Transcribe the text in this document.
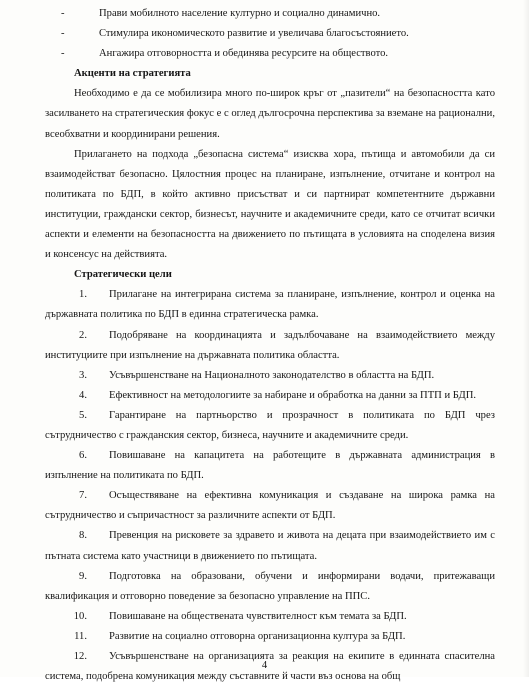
-	Прави мобилното население културно и социално динамично.
-	Стимулира икономическото развитие и увеличава благосъстоянието.
-	Ангажира отговорността и обединява ресурсите на обществото.
Акценти на стратегията
Необходимо е да се мобилизира много по-широк кръг от „пазители“ на безопасността като засилването на стратегическия фокус е с оглед дългосрочна перспектива за вземане на рационални, всеобхватни и координирани решения.
Прилагането на подхода „безопасна система“ изисква хора, пътища и автомобили да си взаимодействат безопасно. Цялостния процес на планиране, изпълнение, отчитане и контрол на политиката по БДП, в който активно присъстват и си партнират компетентните държавни институции, граждански сектор, бизнесът, научните и академичните среди, като се отчитат всички аспекти и елементи на безопасността на движението по пътищата в условията на споделена визия и консенсус на действията.
Стратегически цели
1. Прилагане на интегрирана система за планиране, изпълнение, контрол и оценка на държавната политика по БДП в единна стратегическа рамка.
2. Подобряване на координацията и задълбочаване на взаимодействието между институциите при изпълнение на държавната политика областта.
3. Усъвършенстване на Националното законодателство в областта на БДП.
4. Ефективност на методологиите за набиране и обработка на данни за ПТП и БДП.
5. Гарантиране на партньорство и прозрачност в политиката по БДП чрез сътрудничество с гражданския сектор, бизнеса, научните и академичните среди.
6. Повишаване на капацитета на работещите в държавната администрация в изпълнение на политиката по БДП.
7. Осъществяване на ефективна комуникация и създаване на широка рамка на сътрудничество и съпричастност за различните аспекти от БДП.
8. Превенция на рисковете за здравето и живота на децата при взаимодействието им с пътната система като участници в движението по пътищата.
9. Подготовка на образовани, обучени и информирани водачи, притежаващи квалификация и отговорно поведение за безопасно управление на ППС.
10. Повишаване на обществената чувствителност към темата за БДП.
11. Развитие на социално отговорна организационна култура за БДП.
12. Усъвършенстване на организацията за реакция на екипите в единната спасителна система, подобрена комуникация между съставните й части въз основа на общ
4
